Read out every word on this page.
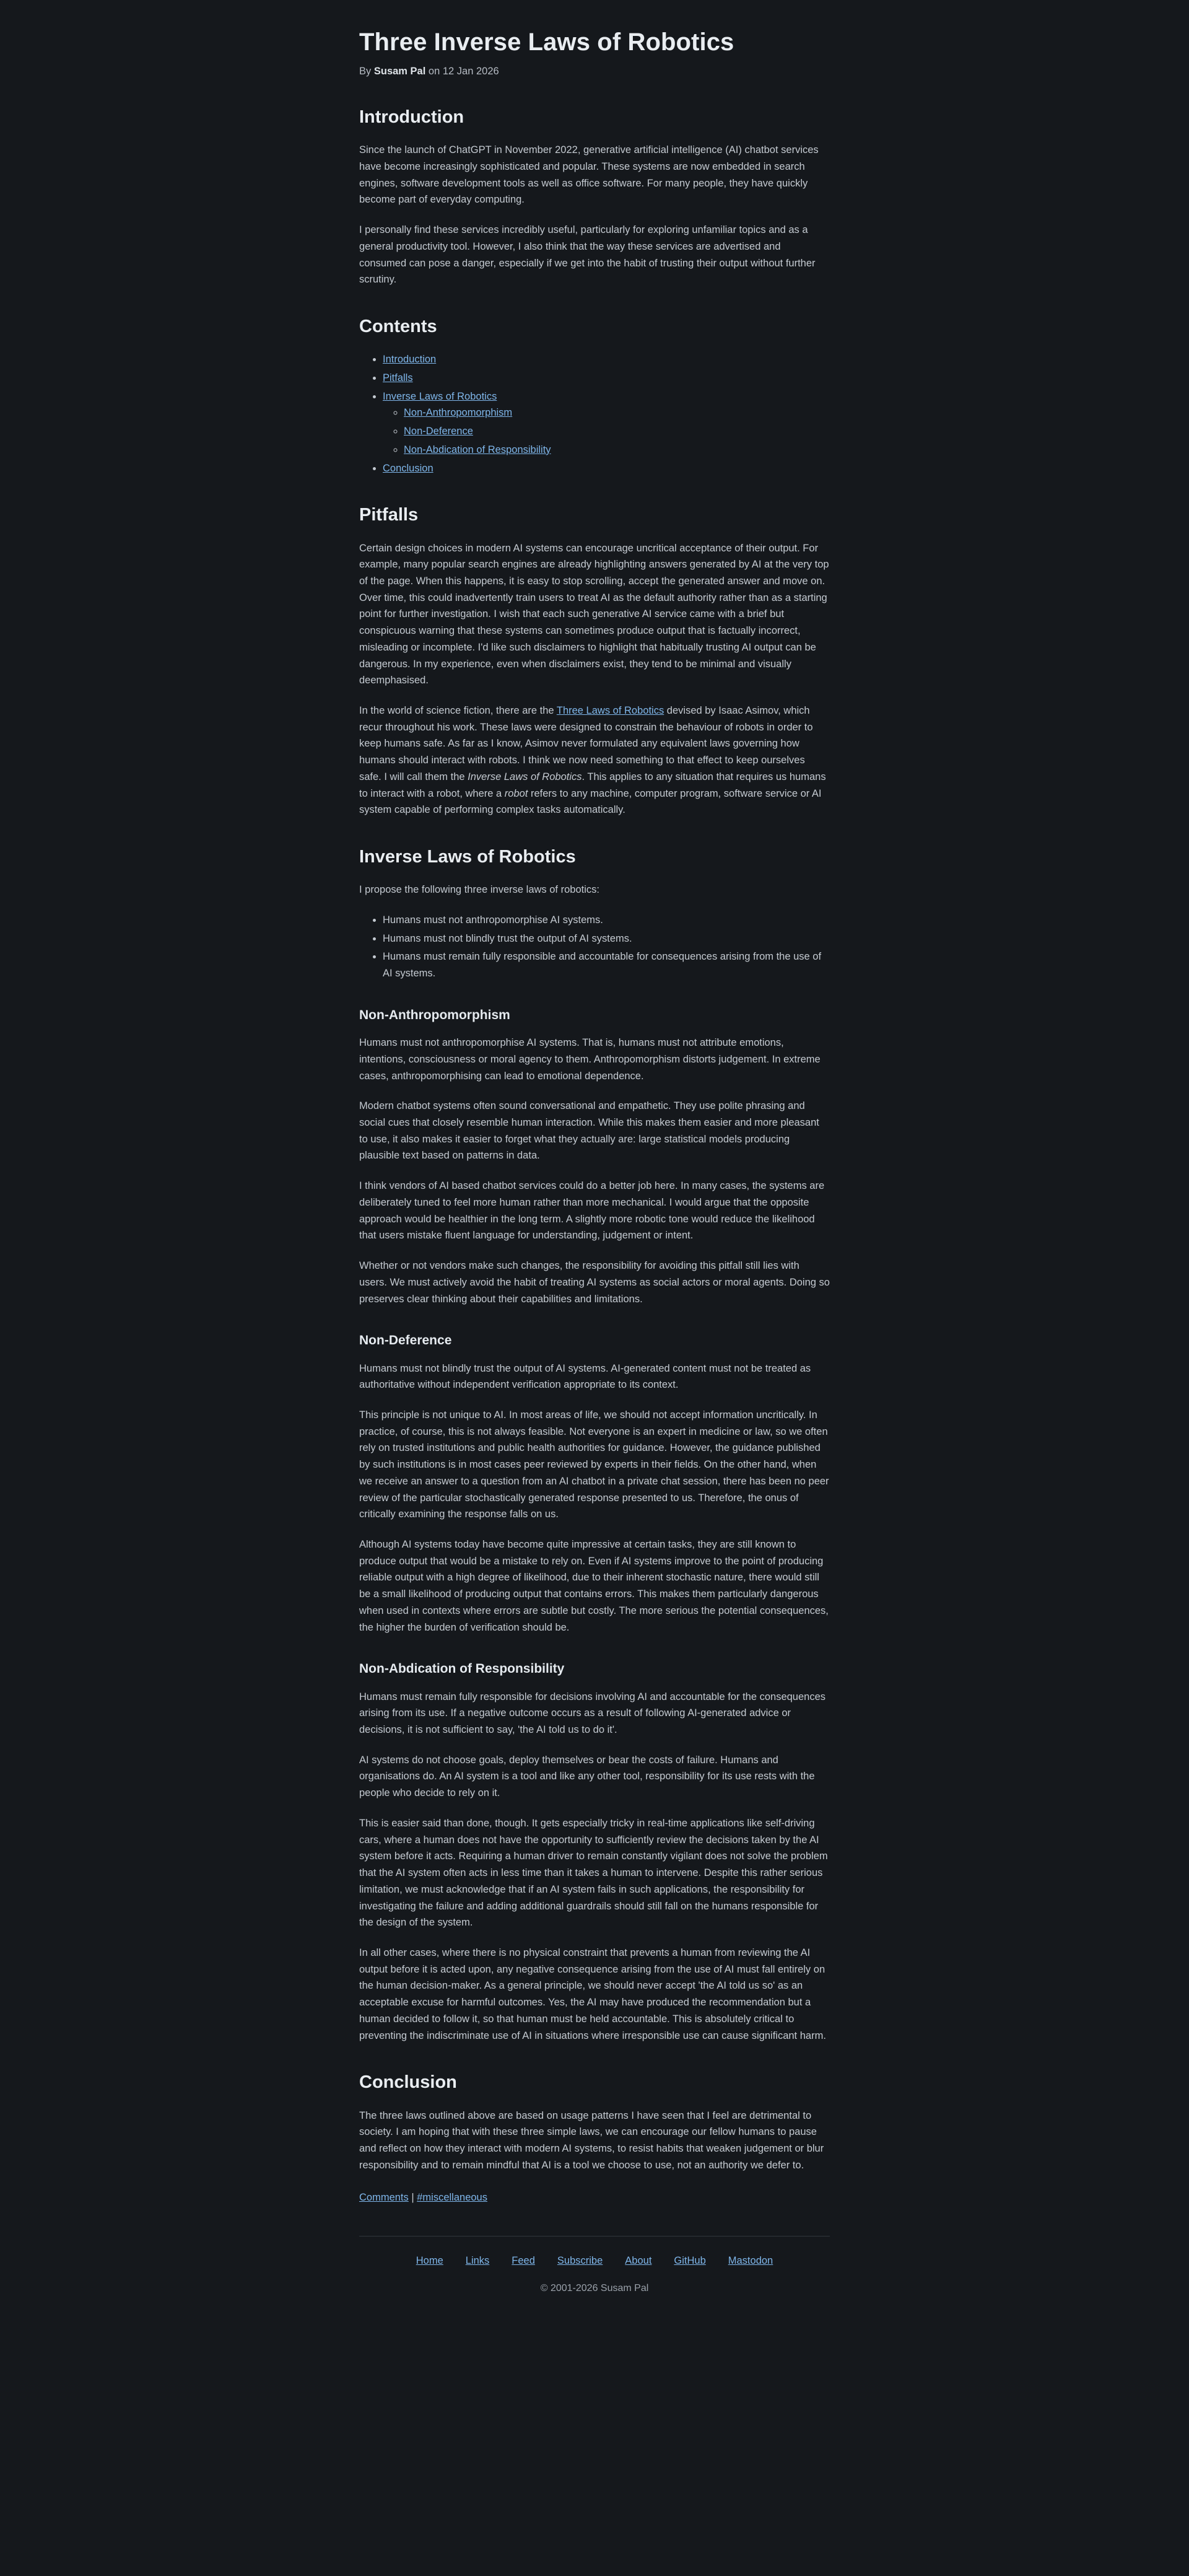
Three Inverse Laws of Robotics
By Susam Pal on 12 Jan 2026
Introduction

Since the launch of ChatGPT in November 2022, generative artificial intelligence (AI) chatbot services have become increasingly sophisticated and popular. These systems are now embedded in search engines, software development tools as well as office software. For many people, they have quickly become part of everyday computing.

I personally find these services incredibly useful, particularly for exploring unfamiliar topics and as a general productivity tool. However, I also think that the way these services are advertised and consumed can pose a danger, especially if we get into the habit of trusting their output without further scrutiny.

Contents
• Introduction
• Pitfalls
• Inverse Laws of Robotics
◦ Non-Anthropomorphism
◦ Non-Deference
◦ Non-Abdication of Responsibility
• Conclusion
Pitfalls

Certain design choices in modern AI systems can encourage uncritical acceptance of their output. For example, many popular search engines are already highlighting answers generated by AI at the very top of the page. When this happens, it is easy to stop scrolling, accept the generated answer and move on. Over time, this could inadvertently train users to treat AI as the default authority rather than as a starting point for further investigation. I wish that each such generative AI service came with a brief but conspicuous warning that these systems can sometimes produce output that is factually incorrect, misleading or incomplete. I'd like such disclaimers to highlight that habitually trusting AI output can be dangerous. In my experience, even when disclaimers exist, they tend to be minimal and visually deemphasised.

In the world of science fiction, there are the Three Laws of Robotics devised by Isaac Asimov, which recur throughout his work. These laws were designed to constrain the behaviour of robots in order to keep humans safe. As far as I know, Asimov never formulated any equivalent laws governing how humans should interact with robots. I think we now need something to that effect to keep ourselves safe. I will call them the Inverse Laws of Robotics. This applies to any situation that requires us humans to interact with a robot, where a robot refers to any machine, computer program, software service or AI system capable of performing complex tasks automatically.

Inverse Laws of Robotics

I propose the following three inverse laws of robotics:

• Humans must not anthropomorphise AI systems.
• Humans must not blindly trust the output of AI systems.
• Humans must remain fully responsible and accountable for consequences arising from the use of AI systems.
Non-Anthropomorphism

Humans must not anthropomorphise AI systems. That is, humans must not attribute emotions, intentions, consciousness or moral agency to them. Anthropomorphism distorts judgement. In extreme cases, anthropomorphising can lead to emotional dependence.

Modern chatbot systems often sound conversational and empathetic. They use polite phrasing and social cues that closely resemble human interaction. While this makes them easier and more pleasant to use, it also makes it easier to forget what they actually are: large statistical models producing plausible text based on patterns in data.

I think vendors of AI based chatbot services could do a better job here. In many cases, the systems are deliberately tuned to feel more human rather than more mechanical. I would argue that the opposite approach would be healthier in the long term. A slightly more robotic tone would reduce the likelihood that users mistake fluent language for understanding, judgement or intent.

Whether or not vendors make such changes, the responsibility for avoiding this pitfall still lies with users. We must actively avoid the habit of treating AI systems as social actors or moral agents. Doing so preserves clear thinking about their capabilities and limitations.

Non-Deference

Humans must not blindly trust the output of AI systems. AI-generated content must not be treated as authoritative without independent verification appropriate to its context.

This principle is not unique to AI. In most areas of life, we should not accept information uncritically. In practice, of course, this is not always feasible. Not everyone is an expert in medicine or law, so we often rely on trusted institutions and public health authorities for guidance. However, the guidance published by such institutions is in most cases peer reviewed by experts in their fields. On the other hand, when we receive an answer to a question from an AI chatbot in a private chat session, there has been no peer review of the particular stochastically generated response presented to us. Therefore, the onus of critically examining the response falls on us.

Although AI systems today have become quite impressive at certain tasks, they are still known to produce output that would be a mistake to rely on. Even if AI systems improve to the point of producing reliable output with a high degree of likelihood, due to their inherent stochastic nature, there would still be a small likelihood of producing output that contains errors. This makes them particularly dangerous when used in contexts where errors are subtle but costly. The more serious the potential consequences, the higher the burden of verification should be.

Non-Abdication of Responsibility

Humans must remain fully responsible for decisions involving AI and accountable for the consequences arising from its use. If a negative outcome occurs as a result of following AI-generated advice or decisions, it is not sufficient to say, 'the AI told us to do it'.

AI systems do not choose goals, deploy themselves or bear the costs of failure. Humans and organisations do. An AI system is a tool and like any other tool, responsibility for its use rests with the people who decide to rely on it.

This is easier said than done, though. It gets especially tricky in real-time applications like self-driving cars, where a human does not have the opportunity to sufficiently review the decisions taken by the AI system before it acts. Requiring a human driver to remain constantly vigilant does not solve the problem that the AI system often acts in less time than it takes a human to intervene. Despite this rather serious limitation, we must acknowledge that if an AI system fails in such applications, the responsibility for investigating the failure and adding additional guardrails should still fall on the humans responsible for the design of the system.

In all other cases, where there is no physical constraint that prevents a human from reviewing the AI output before it is acted upon, any negative consequence arising from the use of AI must fall entirely on the human decision-maker. As a general principle, we should never accept 'the AI told us so' as an acceptable excuse for harmful outcomes. Yes, the AI may have produced the recommendation but a human decided to follow it, so that human must be held accountable. This is absolutely critical to preventing the indiscriminate use of AI in situations where irresponsible use can cause significant harm.

Conclusion

The three laws outlined above are based on usage patterns I have seen that I feel are detrimental to society. I am hoping that with these three simple laws, we can encourage our fellow humans to pause and reflect on how they interact with modern AI systems, to resist habits that weaken judgement or blur responsibility and to remain mindful that AI is a tool we choose to use, not an authority we defer to.

Comments | #miscellaneous
Home Links Feed Subscribe About GitHub Mastodon
© 2001-2026 Susam Pal
